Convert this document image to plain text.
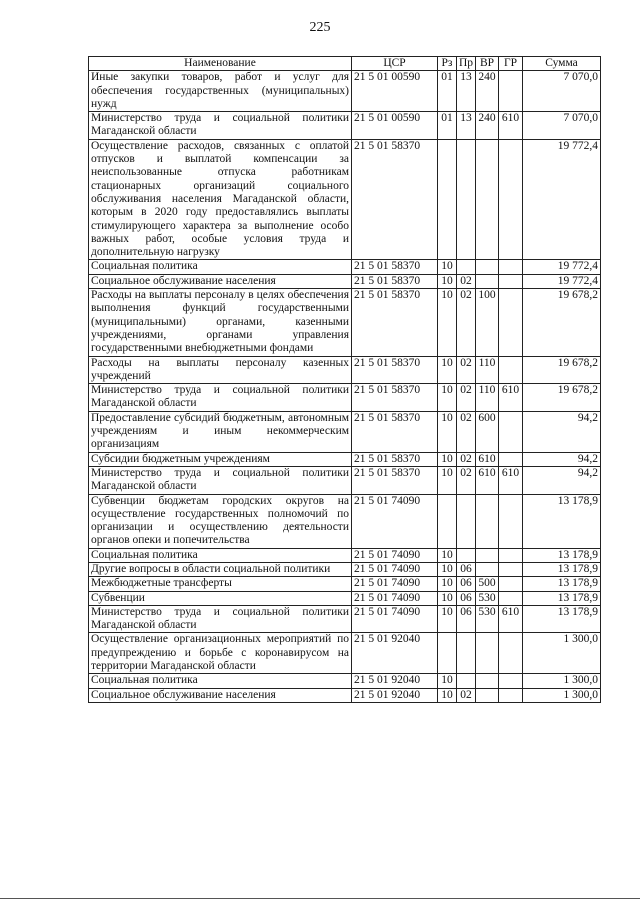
225
Наименование	ЦСР	Рз	Пр	ВР	ГР	Сумма
Иные закупки товаров, работ и услуг для обеспечения государственных (муниципальных) нужд	21 5 01 00590	01	13	240		7 070,0
Министерство труда и социальной политики Магаданской области	21 5 01 00590	01	13	240	610	7 070,0
Осуществление расходов, связанных с оплатой отпусков и выплатой компенсации за неиспользованные отпуска работникам стационарных организаций социального обслуживания населения Магаданской области, которым в 2020 году предоставлялись выплаты стимулирующего характера за выполнение особо важных работ, особые условия труда и дополнительную нагрузку	21 5 01 58370					19 772,4
Социальная политика	21 5 01 58370	10				19 772,4
Социальное обслуживание населения	21 5 01 58370	10	02			19 772,4
Расходы на выплаты персоналу в целях обеспечения выполнения функций государственными (муниципальными) органами, казенными учреждениями, органами управления государственными внебюджетными фондами	21 5 01 58370	10	02	100		19 678,2
Расходы на выплаты персоналу казенных учреждений	21 5 01 58370	10	02	110		19 678,2
Министерство труда и социальной политики Магаданской области	21 5 01 58370	10	02	110	610	19 678,2
Предоставление субсидий бюджетным, автономным учреждениям и иным некоммерческим организациям	21 5 01 58370	10	02	600		94,2
Субсидии бюджетным учреждениям	21 5 01 58370	10	02	610		94,2
Министерство труда и социальной политики Магаданской области	21 5 01 58370	10	02	610	610	94,2
Субвенции бюджетам городских округов на осуществление государственных полномочий по организации и осуществлению деятельности органов опеки и попечительства	21 5 01 74090					13 178,9
Социальная политика	21 5 01 74090	10				13 178,9
Другие вопросы в области социальной политики	21 5 01 74090	10	06			13 178,9
Межбюджетные трансферты	21 5 01 74090	10	06	500		13 178,9
Субвенции	21 5 01 74090	10	06	530		13 178,9
Министерство труда и социальной политики Магаданской области	21 5 01 74090	10	06	530	610	13 178,9
Осуществление организационных мероприятий по предупреждению и борьбе с коронавирусом на территории Магаданской области	21 5 01 92040					1 300,0
Социальная политика	21 5 01 92040	10				1 300,0
Социальное обслуживание населения	21 5 01 92040	10	02			1 300,0
